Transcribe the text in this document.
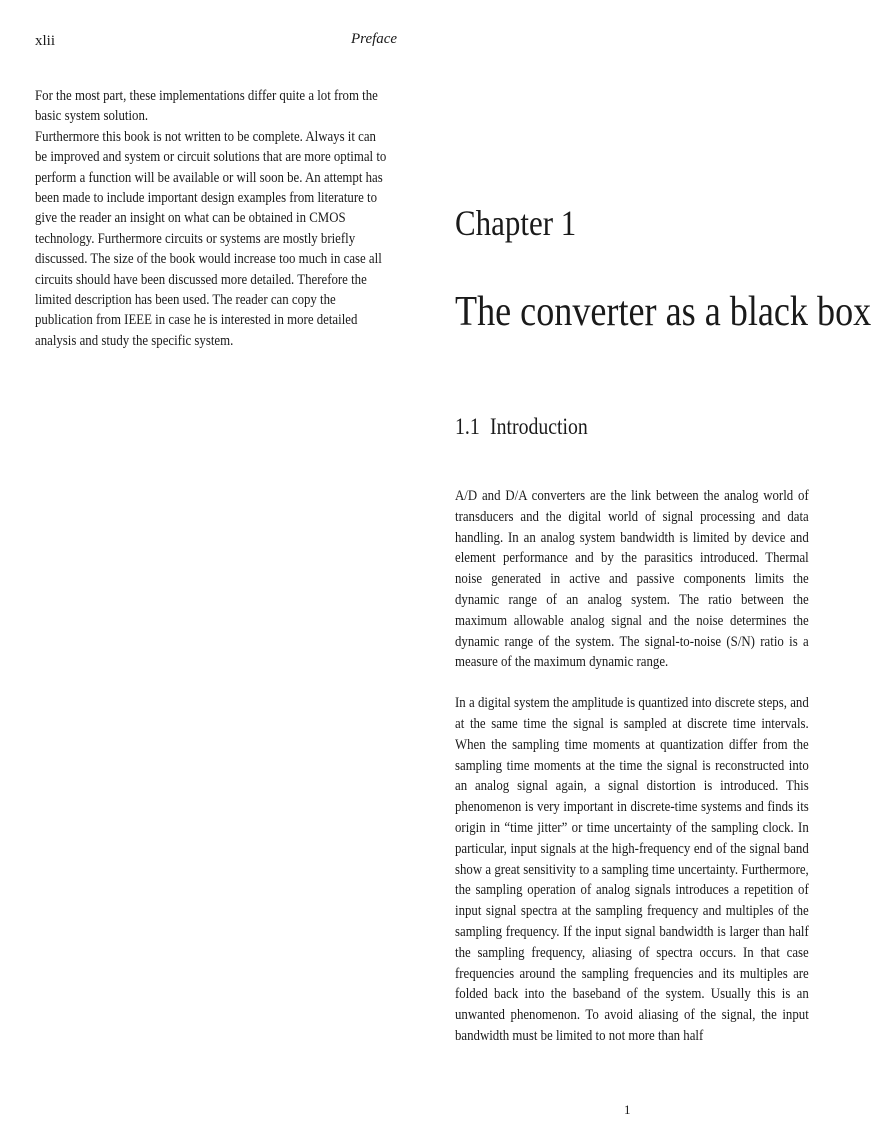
xlii	Preface

For the most part, these implementations differ quite a lot from the basic system solution.

Furthermore this book is not written to be complete. Always it can be improved and system or circuit solutions that are more optimal to perform a function will be available or will soon be. An attempt has been made to include important design examples from literature to give the reader an insight on what can be obtained in CMOS technology. Furthermore circuits or systems are mostly briefly discussed. The size of the book would increase too much in case all circuits should have been discussed more detailed. Therefore the limited description has been used. The reader can copy the publication from IEEE in case he is interested in more detailed analysis and study the specific system.

Chapter 1
The converter as a black box
1.1 Introduction

A/D and D/A converters are the link between the analog world of transducers and the digital world of signal processing and data handling. In an analog system bandwidth is limited by device and element performance and by the parasitics introduced. Thermal noise generated in active and passive components limits the dynamic range of an analog system. The ratio between the maximum allowable analog signal and the noise determines the dynamic range of the system. The signal-to-noise (S/N) ratio is a measure of the maximum dynamic range.

In a digital system the amplitude is quantized into discrete steps, and at the same time the signal is sampled at discrete time intervals. When the sampling time moments at quantization differ from the sampling time moments at the time the signal is reconstructed into an analog signal again, a signal distortion is introduced. This phenomenon is very important in discrete-time systems and finds its origin in “time jitter” or time uncertainty of the sampling clock. In particular, input signals at the high-frequency end of the signal band show a great sensitivity to a sampling time uncertainty. Furthermore, the sampling operation of analog signals introduces a repetition of input signal spectra at the sampling frequency and multiples of the sampling frequency. If the input signal bandwidth is larger than half the sampling frequency, aliasing of spectra occurs. In that case frequencies around the sampling frequencies and its multiples are folded back into the baseband of the system. Usually this is an unwanted phenomenon. To avoid aliasing of the signal, the input bandwidth must be limited to not more than half

1
